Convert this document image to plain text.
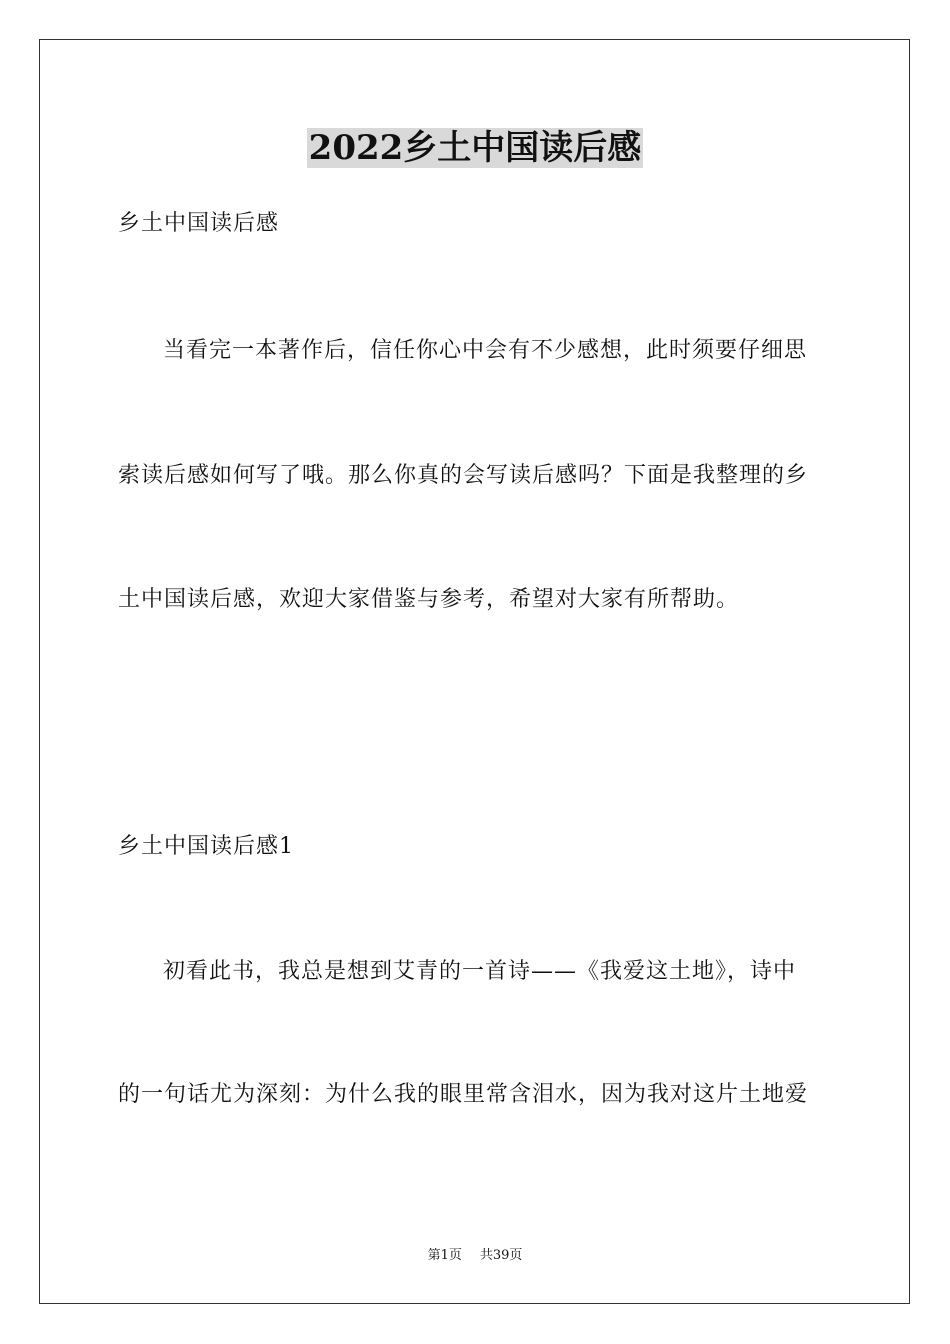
2022乡土中国读后感
乡土中国读后感
当看完一本著作后，信任你心中会有不少感想，此时须要仔细思
索读后感如何写了哦。那么你真的会写读后感吗？下面是我整理的乡
土中国读后感，欢迎大家借鉴与参考，希望对大家有所帮助。
乡土中国读后感1
初看此书，我总是想到艾青的一首诗——《我爱这土地》，诗中
的一句话尤为深刻：为什么我的眼里常含泪水，因为我对这片土地爱
第1页 共39页
